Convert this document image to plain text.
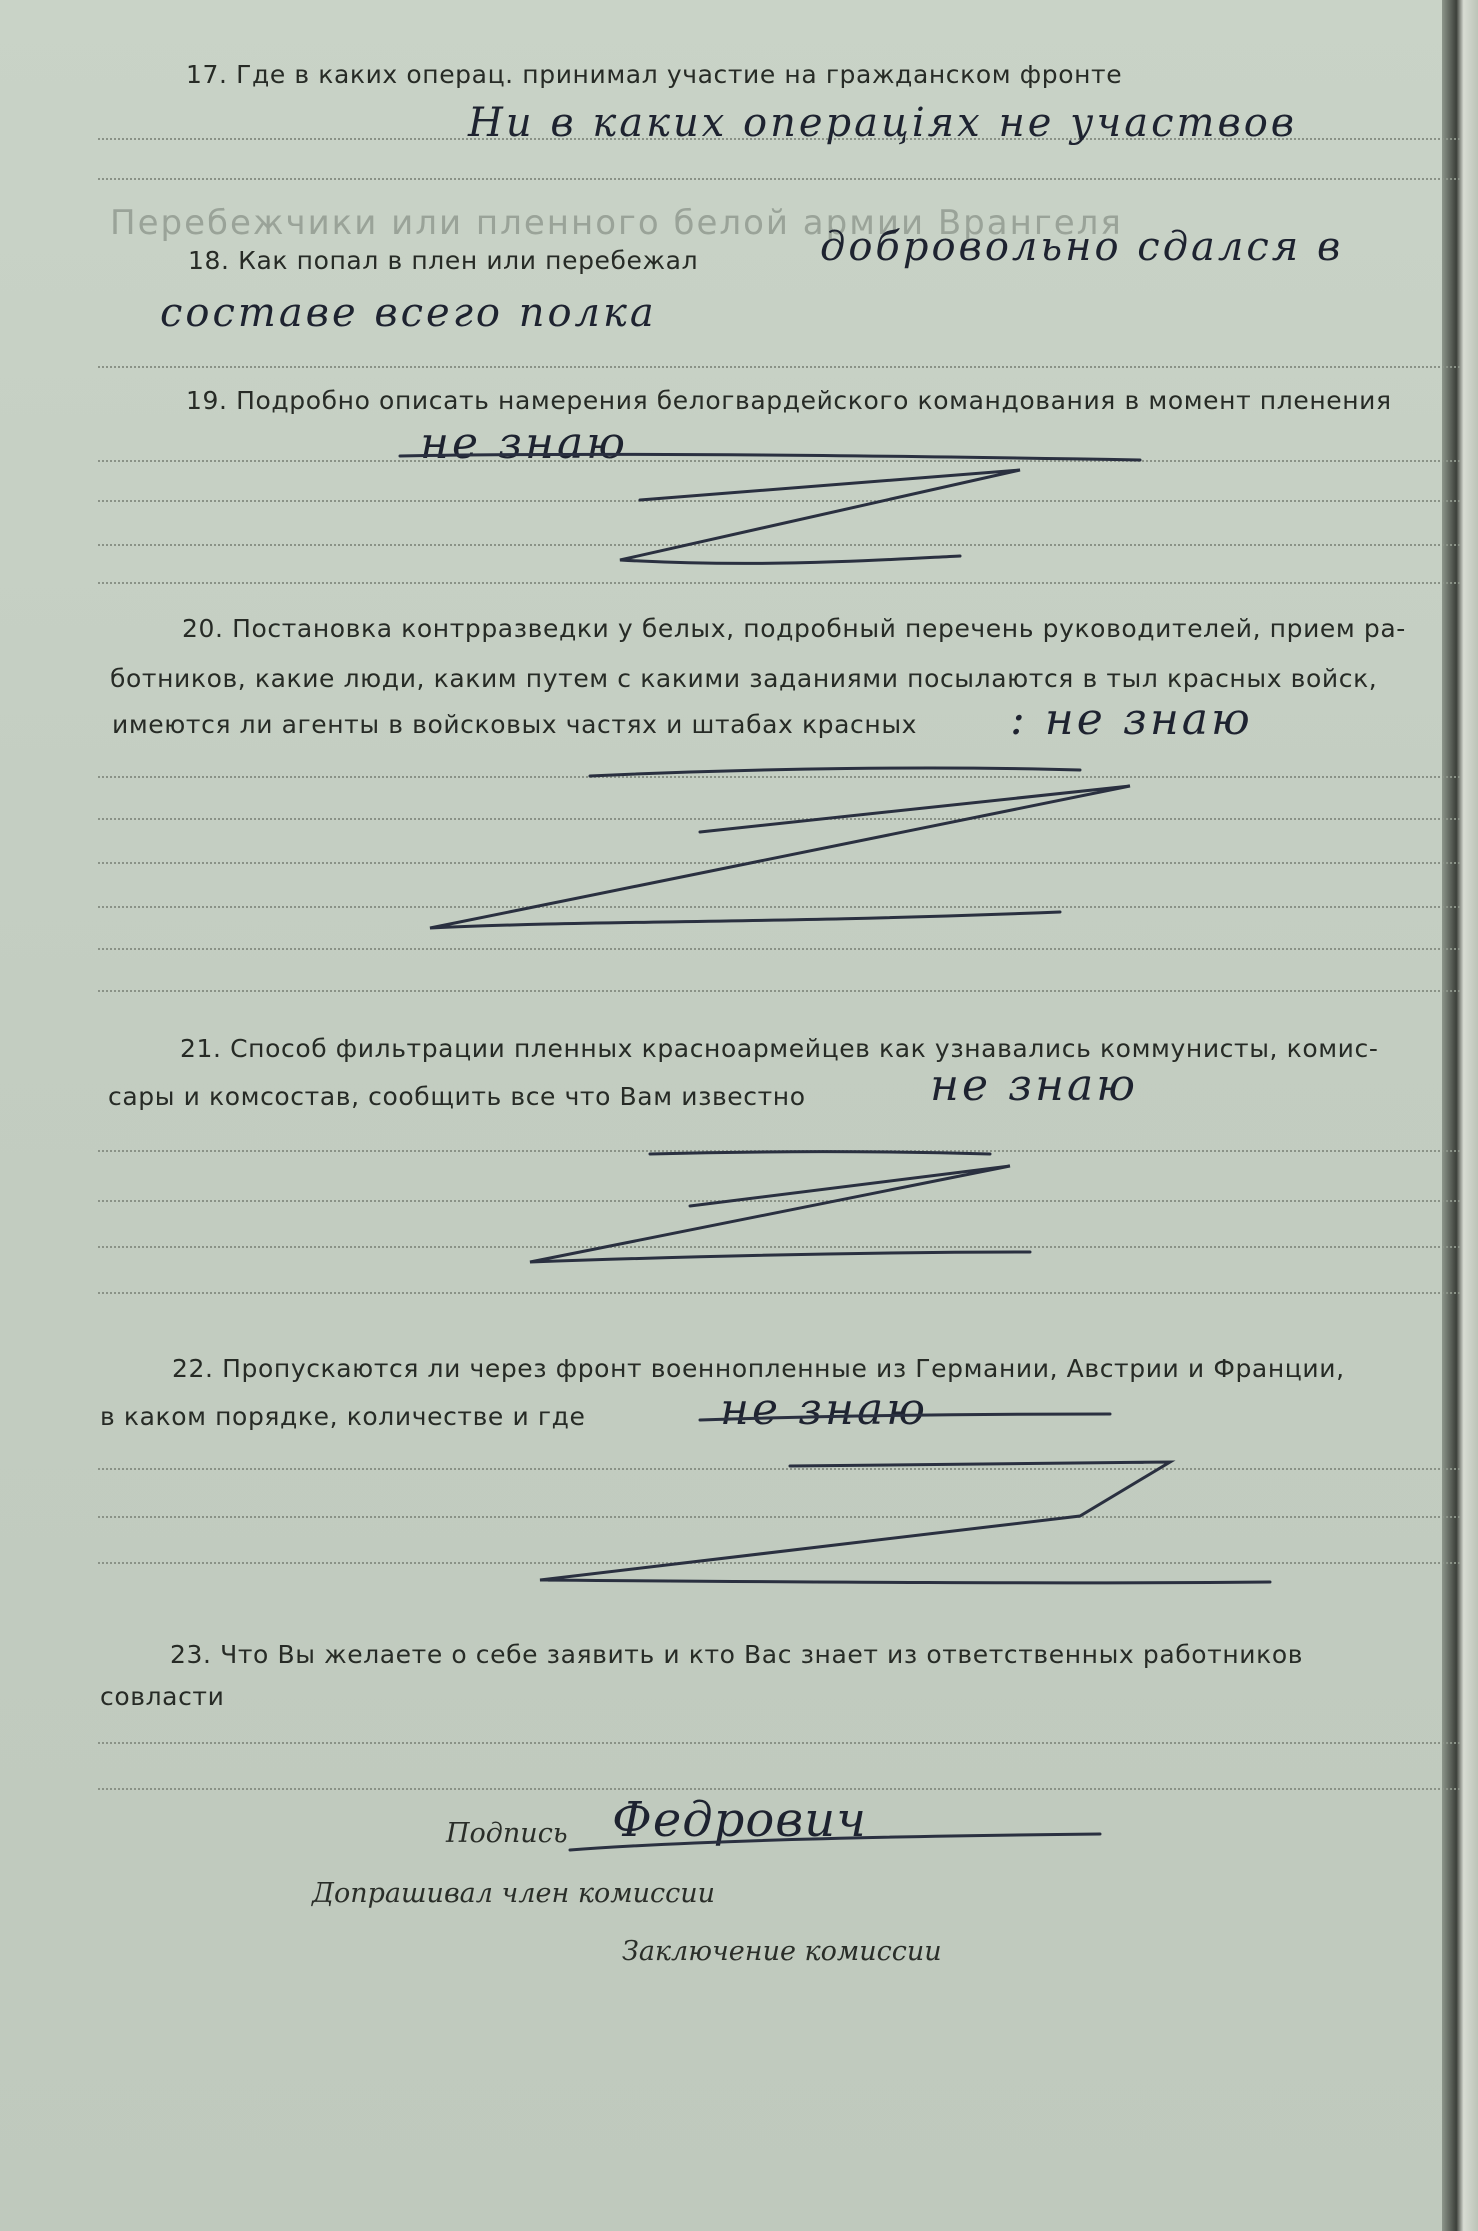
Перебежчики или пленного белой армии Врангеля
17. Где в каких операц. принимал участие на гражданском фронте
Ни в каких операціях не участвов
18. Как попал в плен или перебежал	добровольно сдался в
составе всего полка
19. Подробно описать намерения белогвардейского командования в момент пленения
не знаю
20. Постановка контрразведки у белых, подробный перечень руководителей, прием ра-
ботников, какие люди, каким путем с какими заданиями посылаются в тыл красных войск,
имеются ли агенты в войсковых частях и штабах красных : не знаю
21. Способ фильтрации пленных красноармейцев как узнавались коммунисты, комис-
сары и комсостав, сообщить все что Вам известно	не знаю
22. Пропускаются ли через фронт военнопленные из Германии, Австрии и Франции,
в каком порядке, количестве и где	не знаю
23. Что Вы желаете о себе заявить и кто Вас знает из ответственных работников
совласти
Подпись Федрович
Допрашивал член комиссии
Заключение комиссии
